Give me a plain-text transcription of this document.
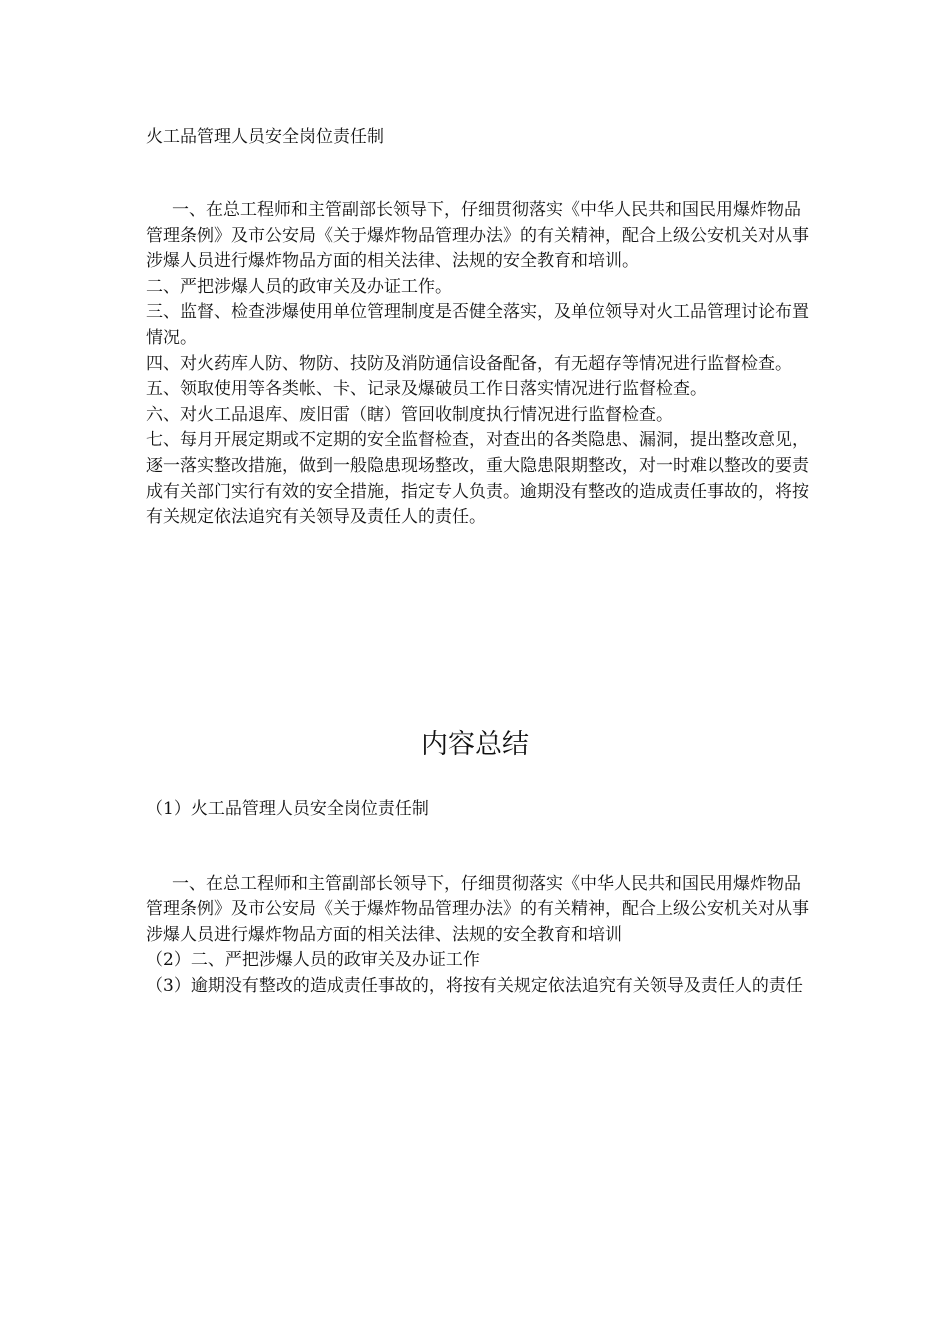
火工品管理人员安全岗位责任制

一、在总工程师和主管副部长领导下，仔细贯彻落实《中华人民共和国民用爆炸物品管理条例》及市公安局《关于爆炸物品管理办法》的有关精神，配合上级公安机关对从事涉爆人员进行爆炸物品方面的相关法律、法规的安全教育和培训。

二、严把涉爆人员的政审关及办证工作。

三、监督、检查涉爆使用单位管理制度是否健全落实，及单位领导对火工品管理讨论布置情况。

四、对火药库人防、物防、技防及消防通信设备配备，有无超存等情况进行监督检查。

五、领取使用等各类帐、卡、记录及爆破员工作日落实情况进行监督检查。

六、对火工品退库、废旧雷（瞎）管回收制度执行情况进行监督检查。

七、每月开展定期或不定期的安全监督检查，对查出的各类隐患、漏洞，提出整改意见，逐一落实整改措施，做到一般隐患现场整改，重大隐患限期整改，对一时难以整改的要责成有关部门实行有效的安全措施，指定专人负责。逾期没有整改的造成责任事故的，将按有关规定依法追究有关领导及责任人的责任。

内容总结
（1）火工品管理人员安全岗位责任制

一、在总工程师和主管副部长领导下，仔细贯彻落实《中华人民共和国民用爆炸物品管理条例》及市公安局《关于爆炸物品管理办法》的有关精神，配合上级公安机关对从事涉爆人员进行爆炸物品方面的相关法律、法规的安全教育和培训

（2）二、严把涉爆人员的政审关及办证工作

（3）逾期没有整改的造成责任事故的，将按有关规定依法追究有关领导及责任人的责任
